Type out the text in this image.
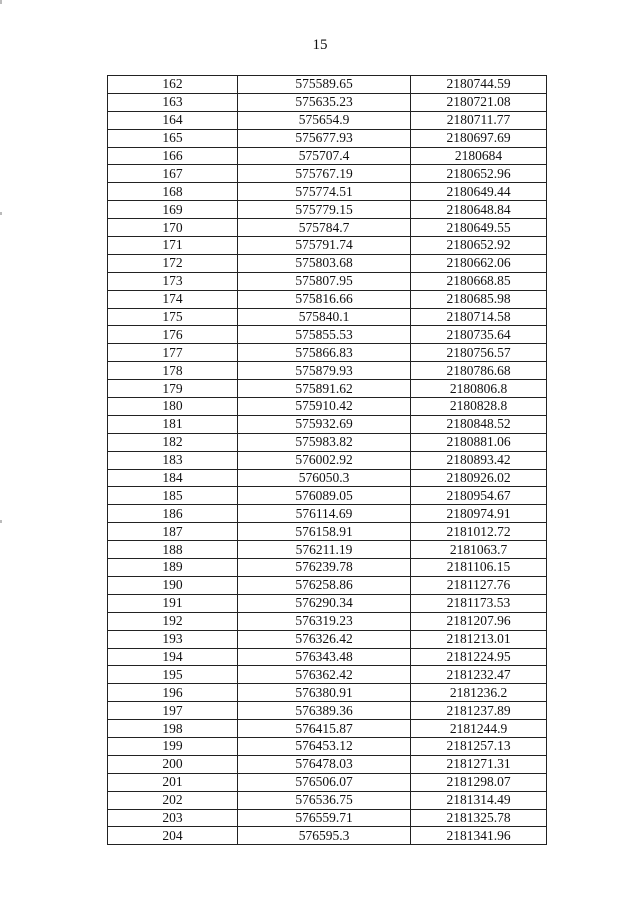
15
162	575589.65	2180744.59
163	575635.23	2180721.08
164	575654.9	2180711.77
165	575677.93	2180697.69
166	575707.4	2180684
167	575767.19	2180652.96
168	575774.51	2180649.44
169	575779.15	2180648.84
170	575784.7	2180649.55
171	575791.74	2180652.92
172	575803.68	2180662.06
173	575807.95	2180668.85
174	575816.66	2180685.98
175	575840.1	2180714.58
176	575855.53	2180735.64
177	575866.83	2180756.57
178	575879.93	2180786.68
179	575891.62	2180806.8
180	575910.42	2180828.8
181	575932.69	2180848.52
182	575983.82	2180881.06
183	576002.92	2180893.42
184	576050.3	2180926.02
185	576089.05	2180954.67
186	576114.69	2180974.91
187	576158.91	2181012.72
188	576211.19	2181063.7
189	576239.78	2181106.15
190	576258.86	2181127.76
191	576290.34	2181173.53
192	576319.23	2181207.96
193	576326.42	2181213.01
194	576343.48	2181224.95
195	576362.42	2181232.47
196	576380.91	2181236.2
197	576389.36	2181237.89
198	576415.87	2181244.9
199	576453.12	2181257.13
200	576478.03	2181271.31
201	576506.07	2181298.07
202	576536.75	2181314.49
203	576559.71	2181325.78
204	576595.3	2181341.96
